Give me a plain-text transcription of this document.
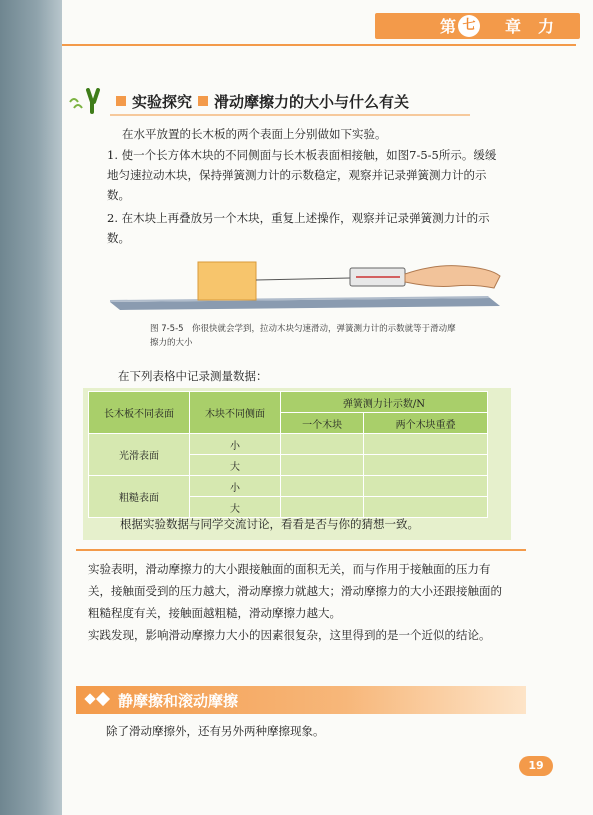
第 七 章 力
实验探究 滑动摩擦力的大小与什么有关
在水平放置的长木板的两个表面上分别做如下实验。
1. 使一个长方体木块的不同侧面与长木板表面相接触，如图7-5-5所示。缓缓地匀速拉动木块，保持弹簧测力计的示数稳定，观察并记录弹簧测力计的示数。
2. 在木块上再叠放另一个木块，重复上述操作，观察并记录弹簧测力计的示数。
图 7-5-5　你很快就会学到，拉动木块匀速滑动，弹簧测力计的示数就等于滑动摩擦力的大小
在下列表格中记录测量数据：
长木板不同表面	木块不同侧面	弹簧测力计示数/N	
		一个木块	两个木块重叠
光滑表面	小		
	大		
粗糙表面	小		
	大		
根据实验数据与同学交流讨论，看看是否与你的猜想一致。
实验表明，滑动摩擦力的大小跟接触面的面积无关，而与作用于接触面的压力有关，接触面受到的压力越大，滑动摩擦力就越大；滑动摩擦力的大小还跟接触面的粗糙程度有关，接触面越粗糙，滑动摩擦力越大。
实践发现，影响滑动摩擦力大小的因素很复杂，这里得到的是一个近似的结论。
静摩擦和滚动摩擦
除了滑动摩擦外，还有另外两种摩擦现象。
19
